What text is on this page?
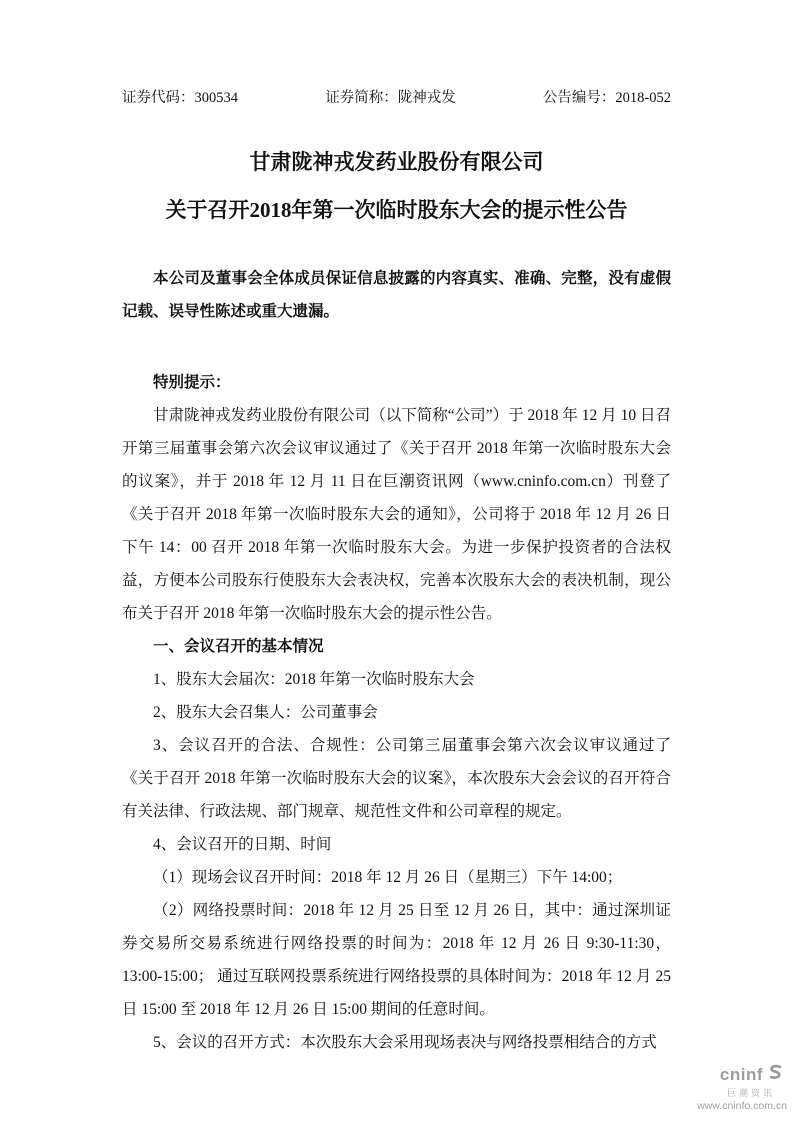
证券代码：300534	证券简称：陇神戎发	公告编号：2018-052
甘肃陇神戎发药业股份有限公司
关于召开2018年第一次临时股东大会的提示性公告

本公司及董事会全体成员保证信息披露的内容真实、准确、完整，没有虚假记载、误导性陈述或重大遗漏。

特别提示：

甘肃陇神戎发药业股份有限公司（以下简称“公司”）于 2018 年 12 月 10 日召开第三届董事会第六次会议审议通过了《关于召开 2018 年第一次临时股东大会的议案》，并于 2018 年 12 月 11 日在巨潮资讯网（www.cninfo.com.cn）刊登了《关于召开 2018 年第一次临时股东大会的通知》，公司将于 2018 年 12 月 26 日下午 14：00 召开 2018 年第一次临时股东大会。为进一步保护投资者的合法权益，方便本公司股东行使股东大会表决权，完善本次股东大会的表决机制，现公布关于召开 2018 年第一次临时股东大会的提示性公告。

一、会议召开的基本情况

1、股东大会届次：2018 年第一次临时股东大会

2、股东大会召集人：公司董事会

3、会议召开的合法、合规性：公司第三届董事会第六次会议审议通过了《关于召开 2018 年第一次临时股东大会的议案》，本次股东大会会议的召开符合有关法律、行政法规、部门规章、规范性文件和公司章程的规定。

4、会议召开的日期、时间

（1）现场会议召开时间：2018 年 12 月 26 日（星期三）下午 14:00；

（2）网络投票时间：2018 年 12 月 25 日至 12 月 26 日，其中：通过深圳证券交易所交易系统进行网络投票的时间为：2018 年 12 月 26 日 9:30-11:30，13:00-15:00； 通过互联网投票系统进行网络投票的具体时间为：2018 年 12 月 25 日 15:00 至 2018 年 12 月 26 日 15:00 期间的任意时间。

5、会议的召开方式：本次股东大会采用现场表决与网络投票相结合的方式

cninf
巨潮资讯
www.cninfo.com.cn
